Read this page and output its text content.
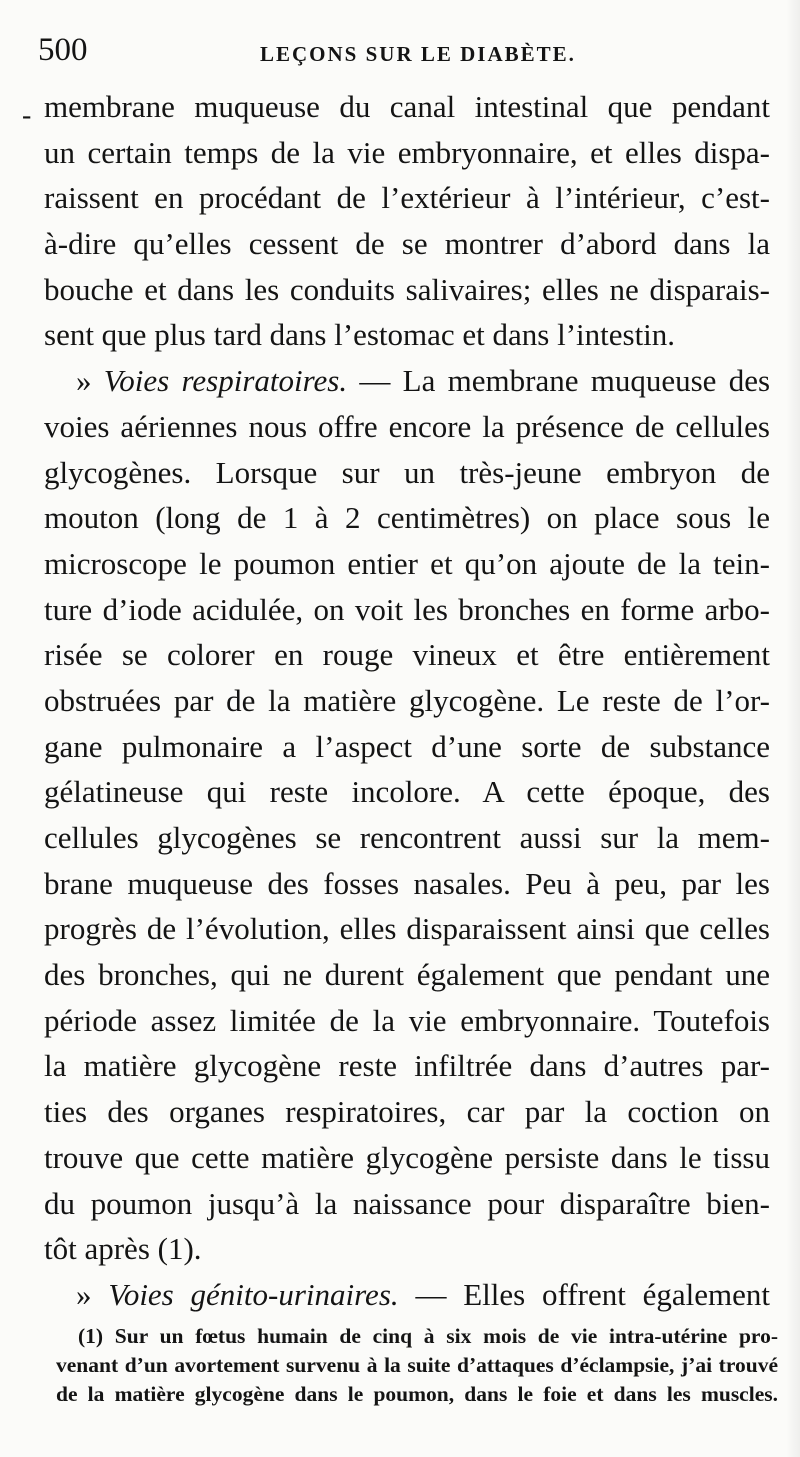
500	LEÇONS SUR LE DIABÈTE.
- membrane muqueuse du canal intestinal que pendant
un certain temps de la vie embryonnaire, et elles dispa-
raissent en procédant de l’extérieur à l’intérieur, c’est-
à-dire qu’elles cessent de se montrer d’abord dans la
bouche et dans les conduits salivaires; elles ne disparais-
sent que plus tard dans l’estomac et dans l’intestin.
» Voies respiratoires. — La membrane muqueuse des
voies aériennes nous offre encore la présence de cellules
glycogènes. Lorsque sur un très-jeune embryon de
mouton (long de 1 à 2 centimètres) on place sous le
microscope le poumon entier et qu’on ajoute de la tein-
ture d’iode acidulée, on voit les bronches en forme arbo-
risée se colorer en rouge vineux et être entièrement
obstruées par de la matière glycogène. Le reste de l’or-
gane pulmonaire a l’aspect d’une sorte de substance
gélatineuse qui reste incolore. A cette époque, des
cellules glycogènes se rencontrent aussi sur la mem-
brane muqueuse des fosses nasales. Peu à peu, par les
progrès de l’évolution, elles disparaissent ainsi que celles
des bronches, qui ne durent également que pendant une
période assez limitée de la vie embryonnaire. Toutefois
la matière glycogène reste infiltrée dans d’autres par-
ties des organes respiratoires, car par la coction on
trouve que cette matière glycogène persiste dans le tissu
du poumon jusqu’à la naissance pour disparaître bien-
tôt après (1).
» Voies génito-urinaires. — Elles offrent également
(1) Sur un fœtus humain de cinq à six mois de vie intra-utérine pro-
venant d’un avortement survenu à la suite d’attaques d’éclampsie, j’ai trouvé
de la matière glycogène dans le poumon, dans le foie et dans les muscles.
